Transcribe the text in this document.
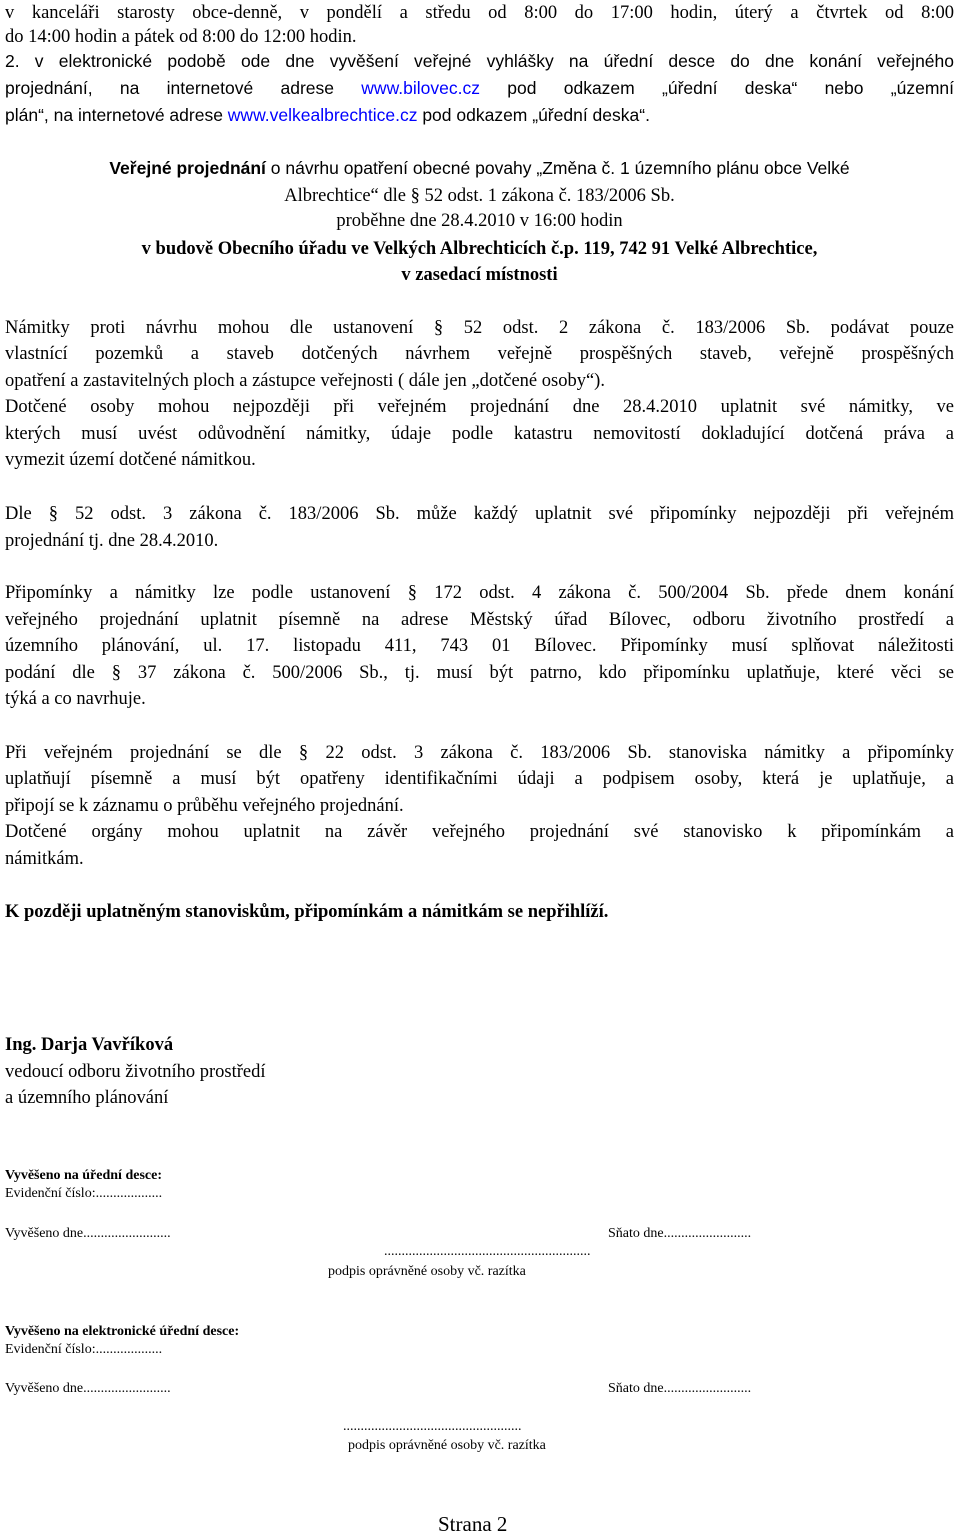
v kanceláři starosty obce-denně, v pondělí a středu od 8:00 do 17:00 hodin, úterý a čtvrtek od 8:00
do 14:00 hodin a pátek od 8:00 do 12:00 hodin.
2. v elektronické podobě ode dne vyvěšení veřejné vyhlášky na úřední desce do dne konání veřejného
projednání, na internetové adrese www.bilovec.cz pod odkazem „úřední deska“ nebo „územní
plán“, na internetové adrese www.velkealbrechtice.cz pod odkazem „úřední deska“.
Veřejné projednání o návrhu opatření obecné povahy „Změna č. 1 územního plánu obce Velké
Albrechtice“ dle § 52 odst. 1 zákona č. 183/2006 Sb.
proběhne dne 28.4.2010 v 16:00 hodin
v budově Obecního úřadu ve Velkých Albrechticích č.p. 119, 742 91 Velké Albrechtice,
v zasedací místnosti
Námitky proti návrhu mohou dle ustanovení § 52 odst. 2 zákona č. 183/2006 Sb. podávat pouze
vlastnící pozemků a staveb dotčených návrhem veřejně prospěšných staveb, veřejně prospěšných
opatření a zastavitelných ploch a zástupce veřejnosti ( dále jen „dotčené osoby“).
Dotčené osoby mohou nejpozději při veřejném projednání dne 28.4.2010 uplatnit své námitky, ve
kterých musí uvést odůvodnění námitky, údaje podle katastru nemovitostí dokladující dotčená práva a
vymezit území dotčené námitkou.
Dle § 52 odst. 3 zákona č. 183/2006 Sb. může každý uplatnit své připomínky nejpozději při veřejném
projednání tj. dne 28.4.2010.
Připomínky a námitky lze podle ustanovení § 172 odst. 4 zákona č. 500/2004 Sb. přede dnem konání
veřejného projednání uplatnit písemně na adrese Městský úřad Bílovec, odboru životního prostředí a
územního plánování, ul. 17. listopadu 411, 743 01 Bílovec. Připomínky musí splňovat náležitosti
podání dle § 37 zákona č. 500/2006 Sb., tj. musí být patrno, kdo připomínku uplatňuje, které věci se
týká a co navrhuje.
Při veřejném projednání se dle § 22 odst. 3 zákona č. 183/2006 Sb. stanoviska námitky a připomínky
uplatňují písemně a musí být opatřeny identifikačními údaji a podpisem osoby, která je uplatňuje, a
připojí se k záznamu o průběhu veřejného projednání.
Dotčené orgány mohou uplatnit na závěr veřejného projednání své stanovisko k připomínkám a
námitkám.
K později uplatněným stanoviskům, připomínkám a námitkám se nepřihlíží.
Ing. Darja Vavříková
vedoucí odboru životního prostředí
a územního plánování
Vyvěšeno na úřední desce:
Evidenční číslo:...................
Vyvěšeno dne.........................	Sňato dne.........................
...........................................................
podpis oprávněné osoby vč. razítka
Vyvěšeno na elektronické úřední desce:
Evidenční číslo:...................
Vyvěšeno dne.........................	Sňato dne.........................
...................................................
podpis oprávněné osoby vč. razítka
Strana 2
